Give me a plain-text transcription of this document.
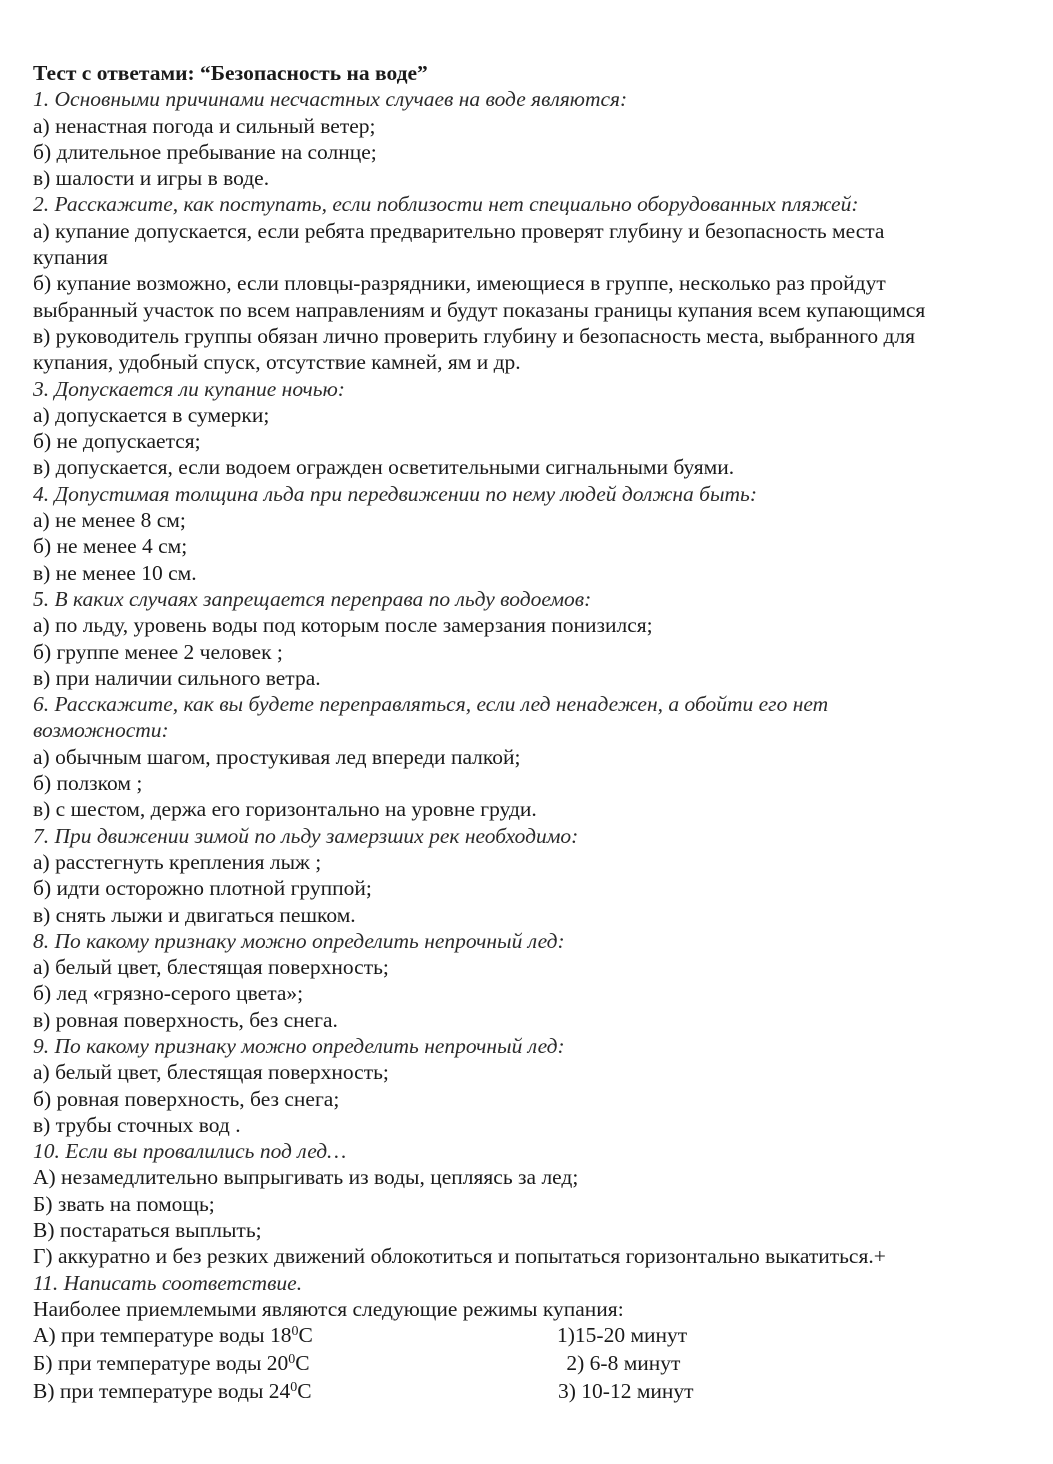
Тест с ответами: “Безопасность на воде”
1. Основными причинами несчастных случаев на воде являются:
а) ненастная погода и сильный ветер;
б) длительное пребывание на солнце;
в) шалости и игры в воде.
2. Расскажите, как поступать, если поблизости нет специально оборудованных пляжей:
а) купание допускается, если ребята предварительно проверят глубину и безопасность места
купания
б) купание возможно, если пловцы-разрядники, имеющиеся в группе, несколько раз пройдут
выбранный участок по всем направлениям и будут показаны границы купания всем купающимся
в) руководитель группы обязан лично проверить глубину и безопасность места, выбранного для
купания, удобный спуск, отсутствие камней, ям и др.
3. Допускается ли купание ночью:
а) допускается в сумерки;
б) не допускается;
в) допускается, если водоем огражден осветительными сигнальными буями.
4. Допустимая толщина льда при передвижении по нему людей должна быть:
а) не менее 8 см;
б) не менее 4 см;
в) не менее 10 см.
5. В каких случаях запрещается переправа по льду водоемов:
а) по льду, уровень воды под которым после замерзания понизился;
б) группе менее 2 человек ;
в) при наличии сильного ветра.
6. Расскажите, как вы будете переправляться, если лед ненадежен, а обойти его нет
возможности:
а) обычным шагом, простукивая лед впереди палкой;
б) ползком ;
в) с шестом, держа его горизонтально на уровне груди.
7. При движении зимой по льду замерзших рек необходимо:
а) расстегнуть крепления лыж ;
б) идти осторожно плотной группой;
в) снять лыжи и двигаться пешком.
8. По какому признаку можно определить непрочный лед:
а) белый цвет, блестящая поверхность;
б) лед «грязно-серого цвета»;
в) ровная поверхность, без снега.
9. По какому признаку можно определить непрочный лед:
а) белый цвет, блестящая поверхность;
б) ровная поверхность, без снега;
в) трубы сточных вод .
10. Если вы провалились под лед…
А) незамедлительно выпрыгивать из воды, цепляясь за лед;
Б) звать на помощь;
В) постараться выплыть;
Г) аккуратно и без резких движений облокотиться и попытаться горизонтально выкатиться.+
11. Написать соответствие.
Наиболее приемлемыми являются следующие режимы купания:
А) при температуре воды $18^0С$	1)15-20 минут
Б) при температуре воды $20^0С$	2) 6-8 минут
В) при температуре воды $24^0С$	3) 10-12 минут
